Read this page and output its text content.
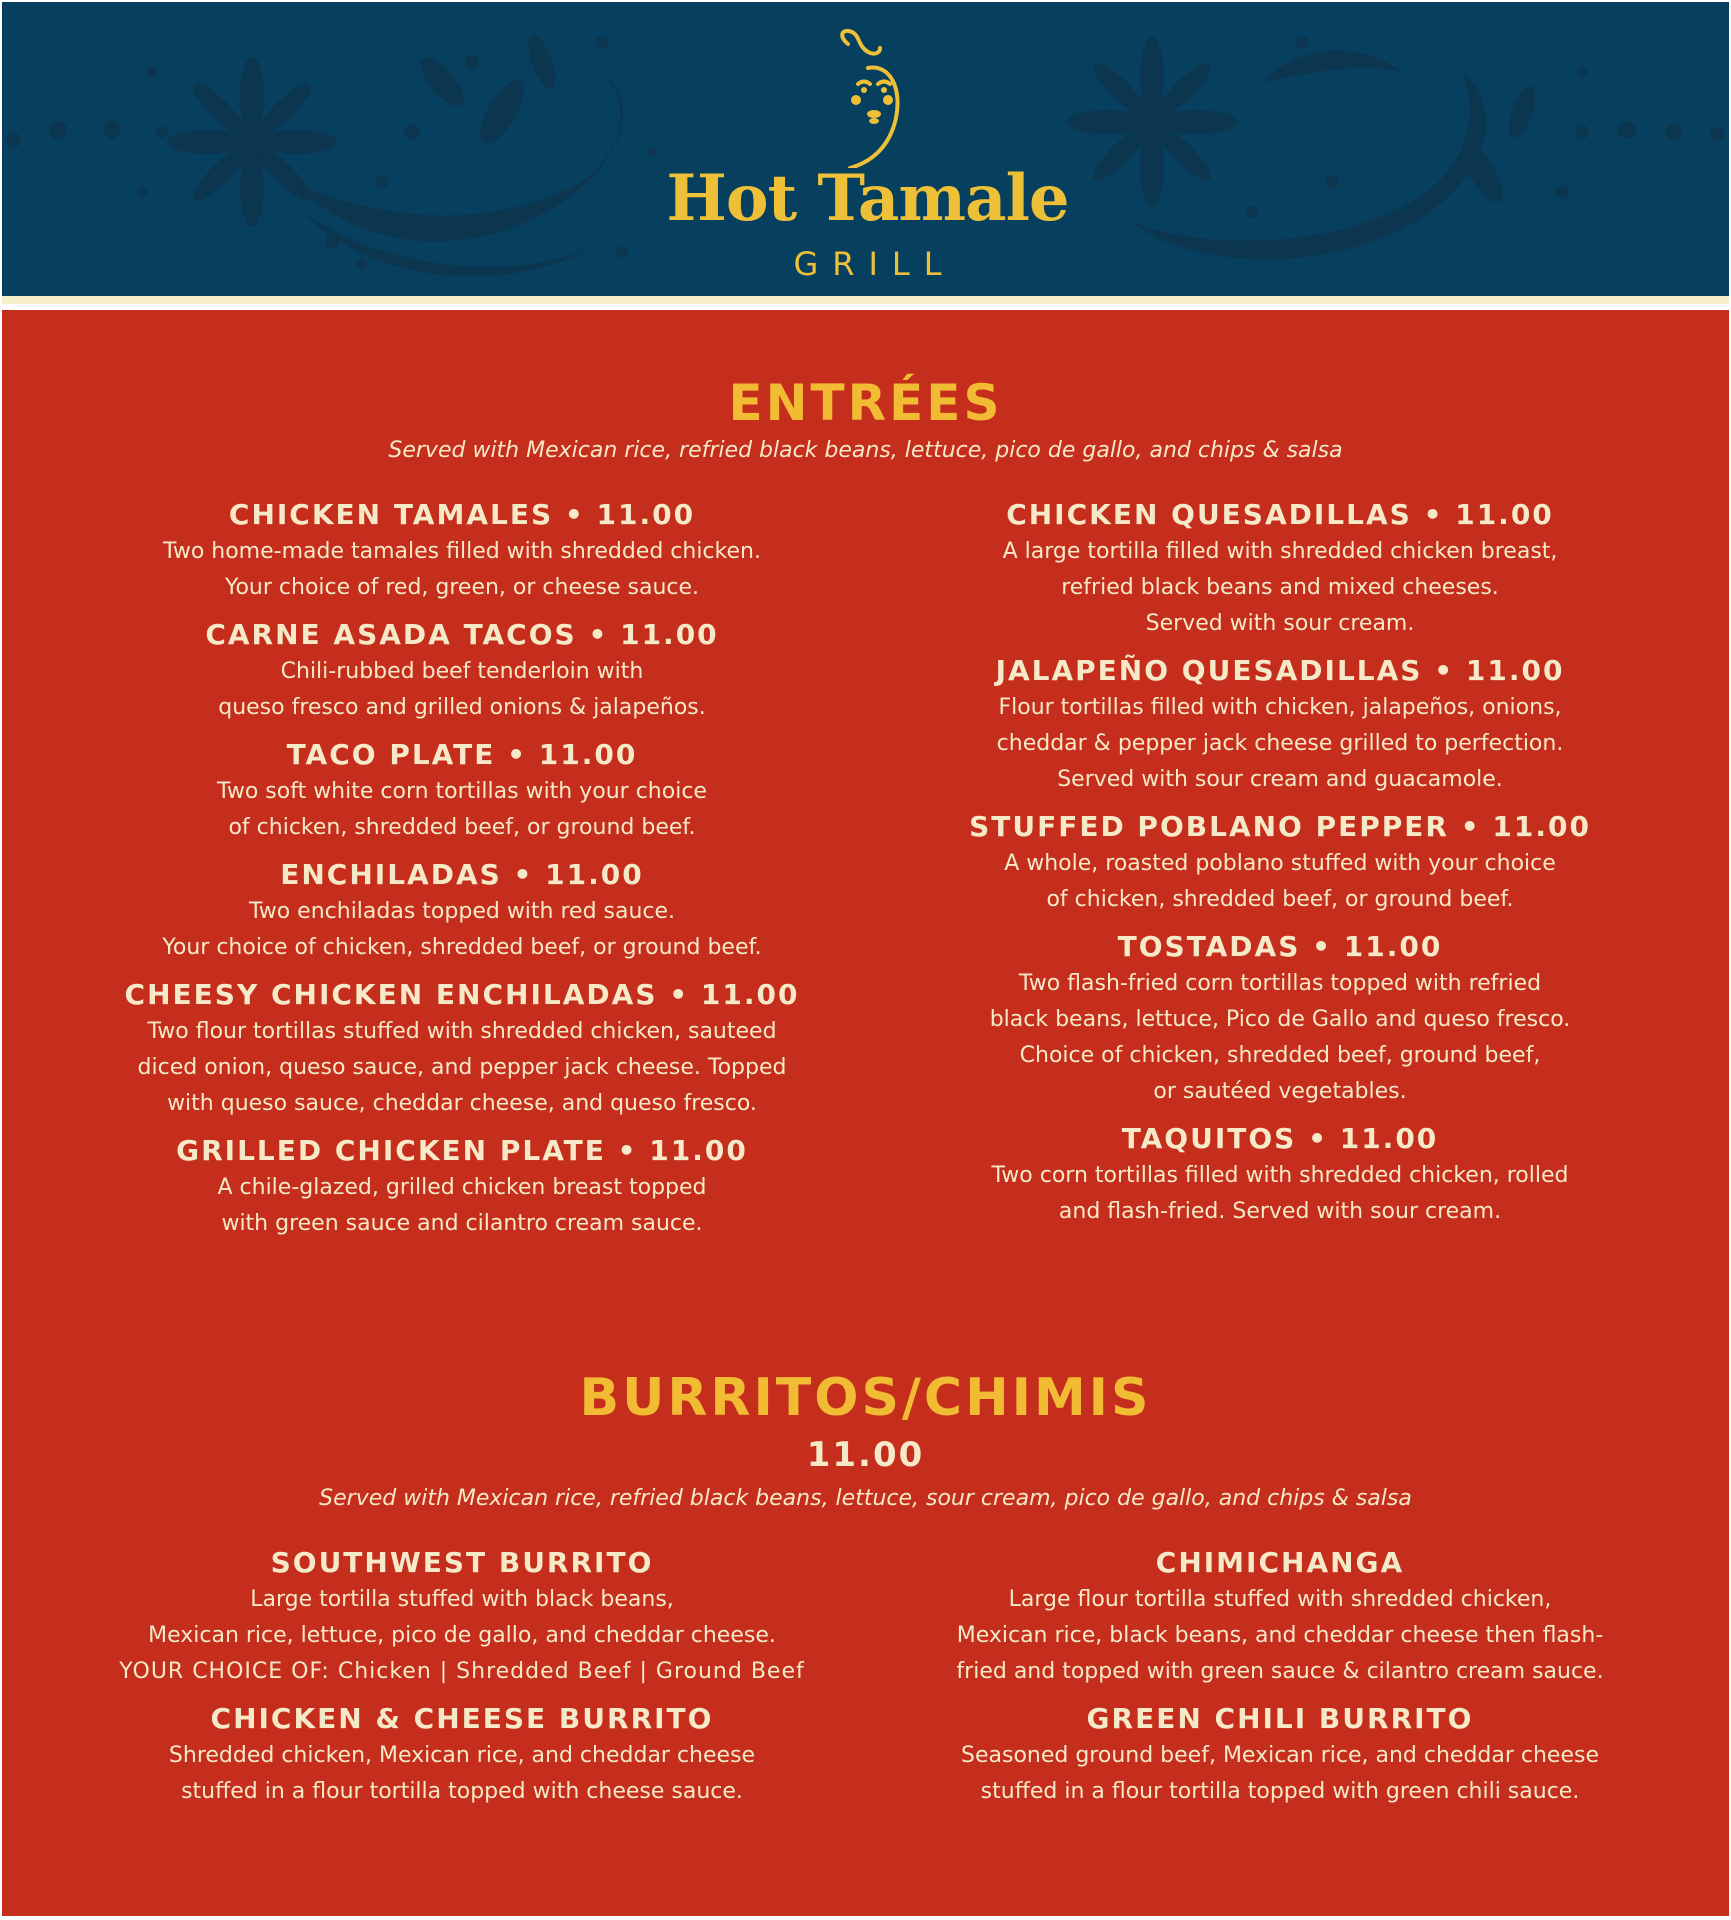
Hot Tamale
GRILL
ENTRÉES
Served with Mexican rice, refried black beans, lettuce, pico de gallo, and chips & salsa

CHICKEN TAMALES • 11.00

Two home-made tamales filled with shredded chicken.
Your choice of red, green, or cheese sauce.

CARNE ASADA TACOS • 11.00

Chili-rubbed beef tenderloin with
queso fresco and grilled onions & jalapeños.

TACO PLATE • 11.00

Two soft white corn tortillas with your choice
of chicken, shredded beef, or ground beef.

ENCHILADAS • 11.00

Two enchiladas topped with red sauce.
Your choice of chicken, shredded beef, or ground beef.

CHEESY CHICKEN ENCHILADAS • 11.00

Two flour tortillas stuffed with shredded chicken, sauteed
diced onion, queso sauce, and pepper jack cheese. Topped
with queso sauce, cheddar cheese, and queso fresco.

GRILLED CHICKEN PLATE • 11.00

A chile-glazed, grilled chicken breast topped
with green sauce and cilantro cream sauce.

CHICKEN QUESADILLAS • 11.00

A large tortilla filled with shredded chicken breast,
refried black beans and mixed cheeses.
Served with sour cream.

JALAPEÑO QUESADILLAS • 11.00

Flour tortillas filled with chicken, jalapeños, onions,
cheddar & pepper jack cheese grilled to perfection.
Served with sour cream and guacamole.

STUFFED POBLANO PEPPER • 11.00

A whole, roasted poblano stuffed with your choice
of chicken, shredded beef, or ground beef.

TOSTADAS • 11.00

Two flash-fried corn tortillas topped with refried
black beans, lettuce, Pico de Gallo and queso fresco.
Choice of chicken, shredded beef, ground beef,
or sautéed vegetables.

TAQUITOS • 11.00

Two corn tortillas filled with shredded chicken, rolled
and flash-fried. Served with sour cream.

BURRITOS/CHIMIS
11.00
Served with Mexican rice, refried black beans, lettuce, sour cream, pico de gallo, and chips & salsa

SOUTHWEST BURRITO

Large tortilla stuffed with black beans,
Mexican rice, lettuce, pico de gallo, and cheddar cheese.
YOUR CHOICE OF: Chicken | Shredded Beef | Ground Beef

CHICKEN & CHEESE BURRITO

Shredded chicken, Mexican rice, and cheddar cheese
stuffed in a flour tortilla topped with cheese sauce.

CHIMICHANGA

Large flour tortilla stuffed with shredded chicken,
Mexican rice, black beans, and cheddar cheese then flash-
fried and topped with green sauce & cilantro cream sauce.

GREEN CHILI BURRITO

Seasoned ground beef, Mexican rice, and cheddar cheese
stuffed in a flour tortilla topped with green chili sauce.
